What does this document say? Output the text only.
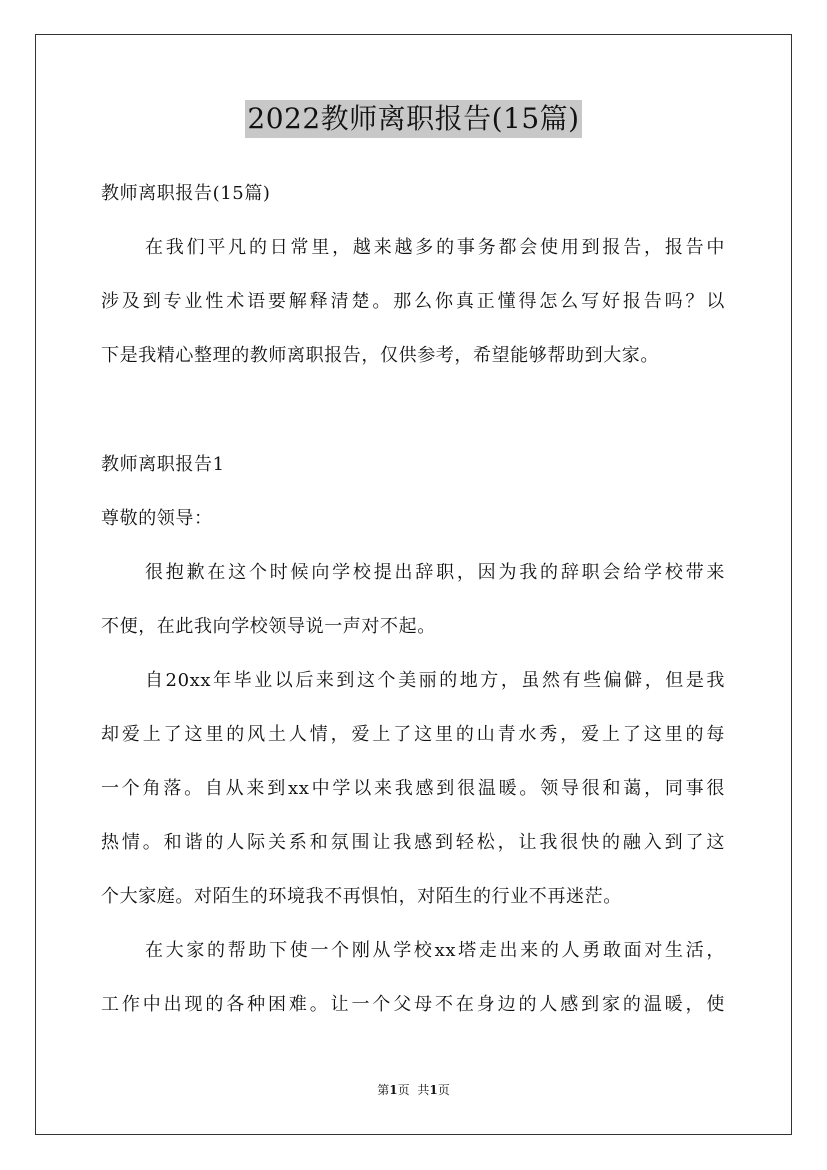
2022教师离职报告(15篇)
教师离职报告(15篇)
在我们平凡的日常里，越来越多的事务都会使用到报告，报告中
涉及到专业性术语要解释清楚。那么你真正懂得怎么写好报告吗？以
下是我精心整理的教师离职报告，仅供参考，希望能够帮助到大家。
教师离职报告1
尊敬的领导：
很抱歉在这个时候向学校提出辞职，因为我的辞职会给学校带来
不便，在此我向学校领导说一声对不起。
自20xx年毕业以后来到这个美丽的地方，虽然有些偏僻，但是我
却爱上了这里的风土人情，爱上了这里的山青水秀，爱上了这里的每
一个角落。自从来到xx中学以来我感到很温暖。领导很和蔼，同事很
热情。和谐的人际关系和氛围让我感到轻松，让我很快的融入到了这
个大家庭。对陌生的环境我不再惧怕，对陌生的行业不再迷茫。
在大家的帮助下使一个刚从学校xx塔走出来的人勇敢面对生活，
工作中出现的各种困难。让一个父母不在身边的人感到家的温暖，使
第1页 共1页
